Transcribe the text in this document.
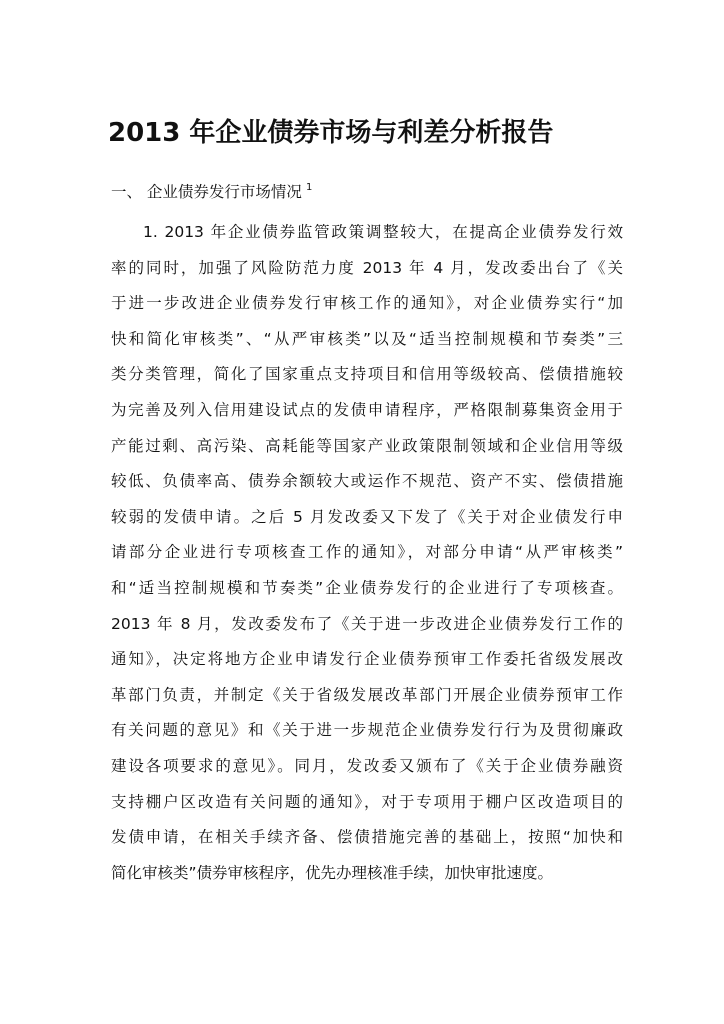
2013 年企业债券市场与利差分析报告

一、 企业债券发行市场情况 $^1$

1. 2013 年企业债券监管政策调整较大，在提高企业债券发行效
率的同时，加强了风险防范力度 2013 年 4 月，发改委出台了《关
于进一步改进企业债券发行审核工作的通知》，对企业债券实行“加
快和简化审核类”、“从严审核类”以及“适当控制规模和节奏类”三
类分类管理，简化了国家重点支持项目和信用等级较高、偿债措施较
为完善及列入信用建设试点的发债申请程序，严格限制募集资金用于
产能过剩、高污染、高耗能等国家产业政策限制领域和企业信用等级
较低、负债率高、债券余额较大或运作不规范、资产不实、偿债措施
较弱的发债申请。之后 5 月发改委又下发了《关于对企业债发行申
请部分企业进行专项核查工作的通知》，对部分申请“从严审核类”
和“适当控制规模和节奏类”企业债券发行的企业进行了专项核查。
2013 年 8 月，发改委发布了《关于进一步改进企业债券发行工作的
通知》，决定将地方企业申请发行企业债券预审工作委托省级发展改
革部门负责，并制定《关于省级发展改革部门开展企业债券预审工作
有关问题的意见》和《关于进一步规范企业债券发行行为及贯彻廉政
建设各项要求的意见》。同月，发改委又颁布了《关于企业债券融资
支持棚户区改造有关问题的通知》，对于专项用于棚户区改造项目的
发债申请，在相关手续齐备、偿债措施完善的基础上，按照“加快和
简化审核类”债券审核程序，优先办理核准手续，加快审批速度。
